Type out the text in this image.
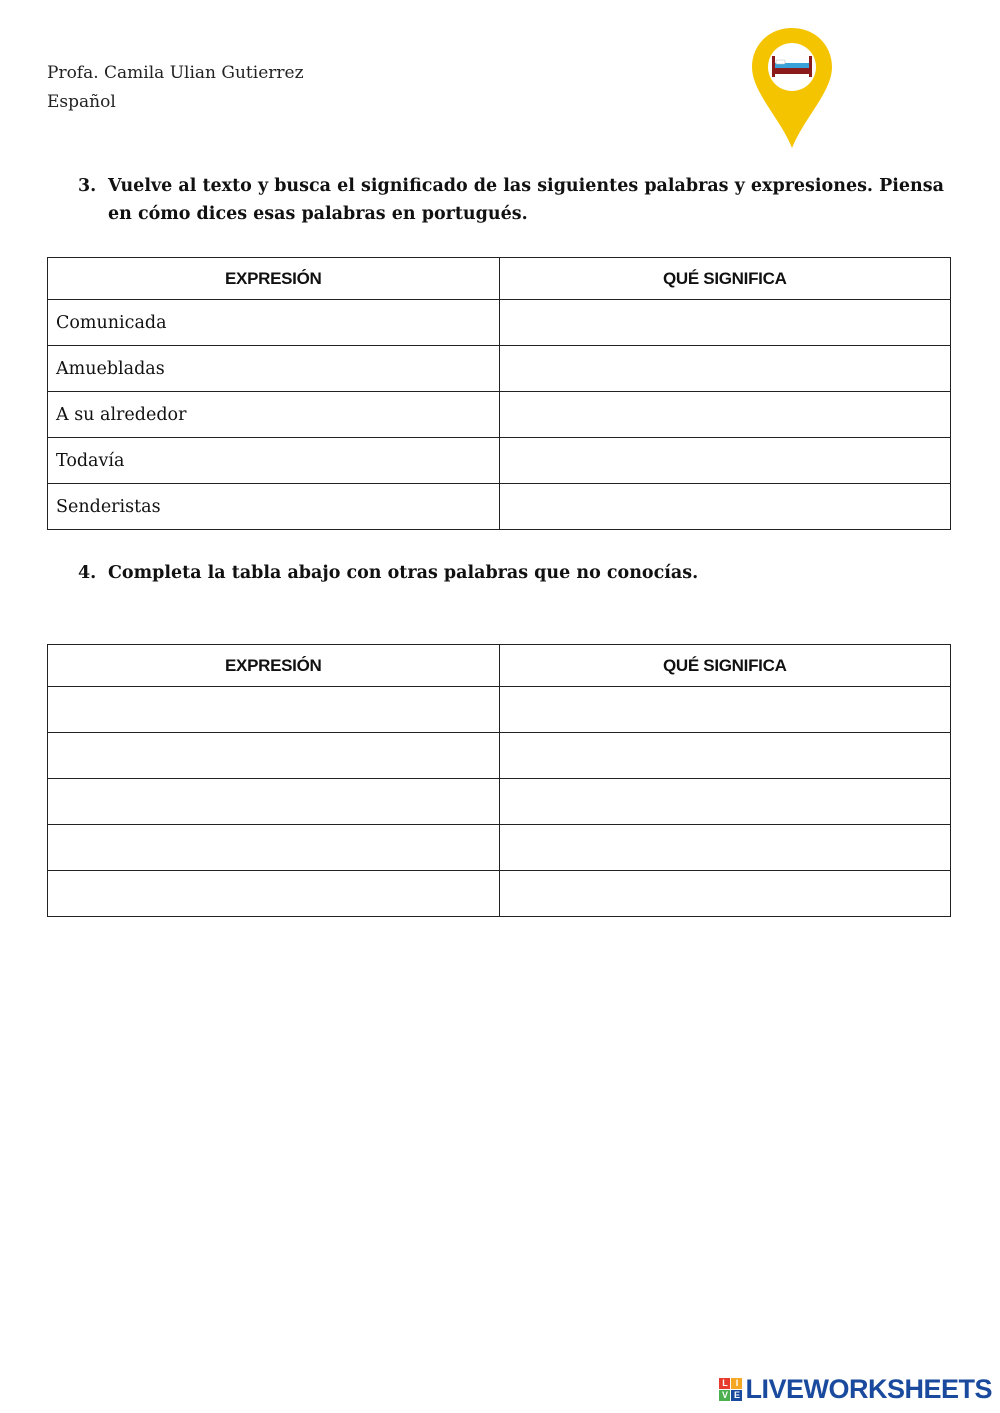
Profa. Camila Ulian Gutierrez
Español
3. Vuelve al texto y busca el significado de las siguientes palabras y expresiones. Piensa en cómo dices esas palabras en portugués.
EXPRESIÓN	QUÉ SIGNIFICA
Comunicada	
Amuebladas	
A su alrededor	
Todavía	
Senderistas	
4. Completa la tabla abajo con otras palabras que no conocías.
EXPRESIÓN	QUÉ SIGNIFICA

L I
V E LIVEWORKSHEETS
